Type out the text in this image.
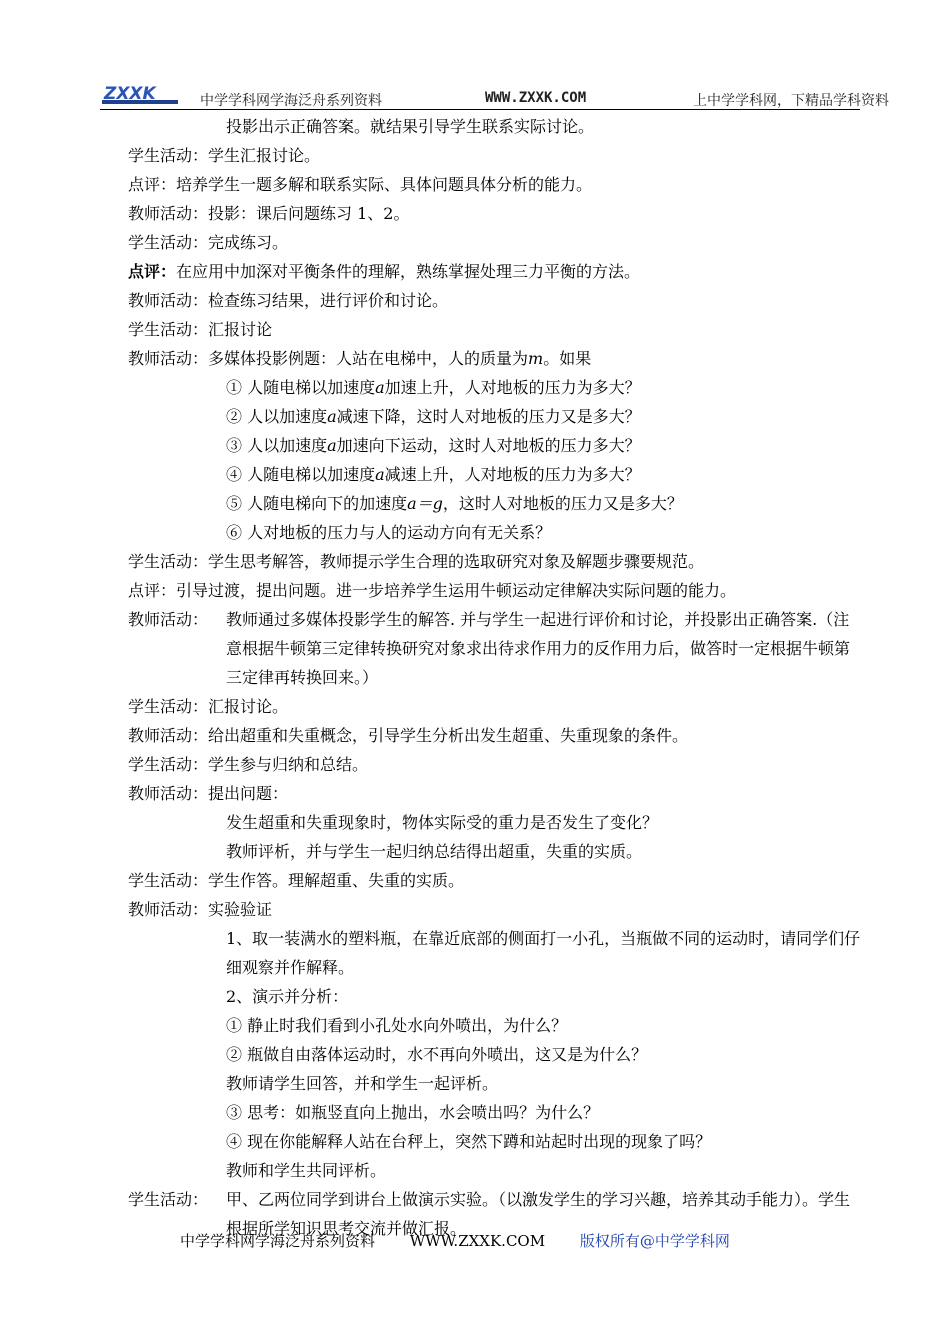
ZXXK	中学学科网学海泛舟系列资料	WWW.ZXXK.COM	上中学学科网，下精品学科资料
投影出示正确答案。就结果引导学生联系实际讨论。
学生活动：学生汇报讨论。
点评：培养学生一题多解和联系实际、具体问题具体分析的能力。
教师活动：投影：课后问题练习 1、2。
学生活动：完成练习。
点评：在应用中加深对平衡条件的理解，熟练掌握处理三力平衡的方法。
教师活动：检查练习结果，进行评价和讨论。
学生活动：汇报讨论
教师活动：多媒体投影例题：人站在电梯中，人的质量为m。如果
① 人随电梯以加速度a加速上升，人对地板的压力为多大？
② 人以加速度a减速下降，这时人对地板的压力又是多大？
③ 人以加速度a加速向下运动，这时人对地板的压力多大？
④ 人随电梯以加速度a减速上升，人对地板的压力为多大？
⑤ 人随电梯向下的加速度a＝g，这时人对地板的压力又是多大？
⑥ 人对地板的压力与人的运动方向有无关系？
学生活动：学生思考解答，教师提示学生合理的选取研究对象及解题步骤要规范。
点评：引导过渡，提出问题。进一步培养学生运用牛顿运动定律解决实际问题的能力。
教师活动：	教师通过多媒体投影学生的解答. 并与学生一起进行评价和讨论，并投影出正确答案.（注意根据牛顿第三定律转换研究对象求出待求作用力的反作用力后，做答时一定根据牛顿第三定律再转换回来。）
学生活动：汇报讨论。
教师活动：给出超重和失重概念，引导学生分析出发生超重、失重现象的条件。
学生活动：学生参与归纳和总结。
教师活动：提出问题：
发生超重和失重现象时，物体实际受的重力是否发生了变化？
教师评析，并与学生一起归纳总结得出超重，失重的实质。
学生活动：学生作答。理解超重、失重的实质。
教师活动：实验验证
1、取一装满水的塑料瓶，在靠近底部的侧面打一小孔，当瓶做不同的运动时，请同学们仔细观察并作解释。
2、演示并分析：
① 静止时我们看到小孔处水向外喷出，为什么？
② 瓶做自由落体运动时，水不再向外喷出，这又是为什么？
教师请学生回答，并和学生一起评析。
③ 思考：如瓶竖直向上抛出，水会喷出吗？为什么？
④ 现在你能解释人站在台秤上，突然下蹲和站起时出现的现象了吗？
教师和学生共同评析。
学生活动：	甲、乙两位同学到讲台上做演示实验。（以激发学生的学习兴趣，培养其动手能力）。学生根据所学知识思考交流并做汇报。
中学学科网学海泛舟系列资料 WWW.ZXXK.COM 版权所有@中学学科网
